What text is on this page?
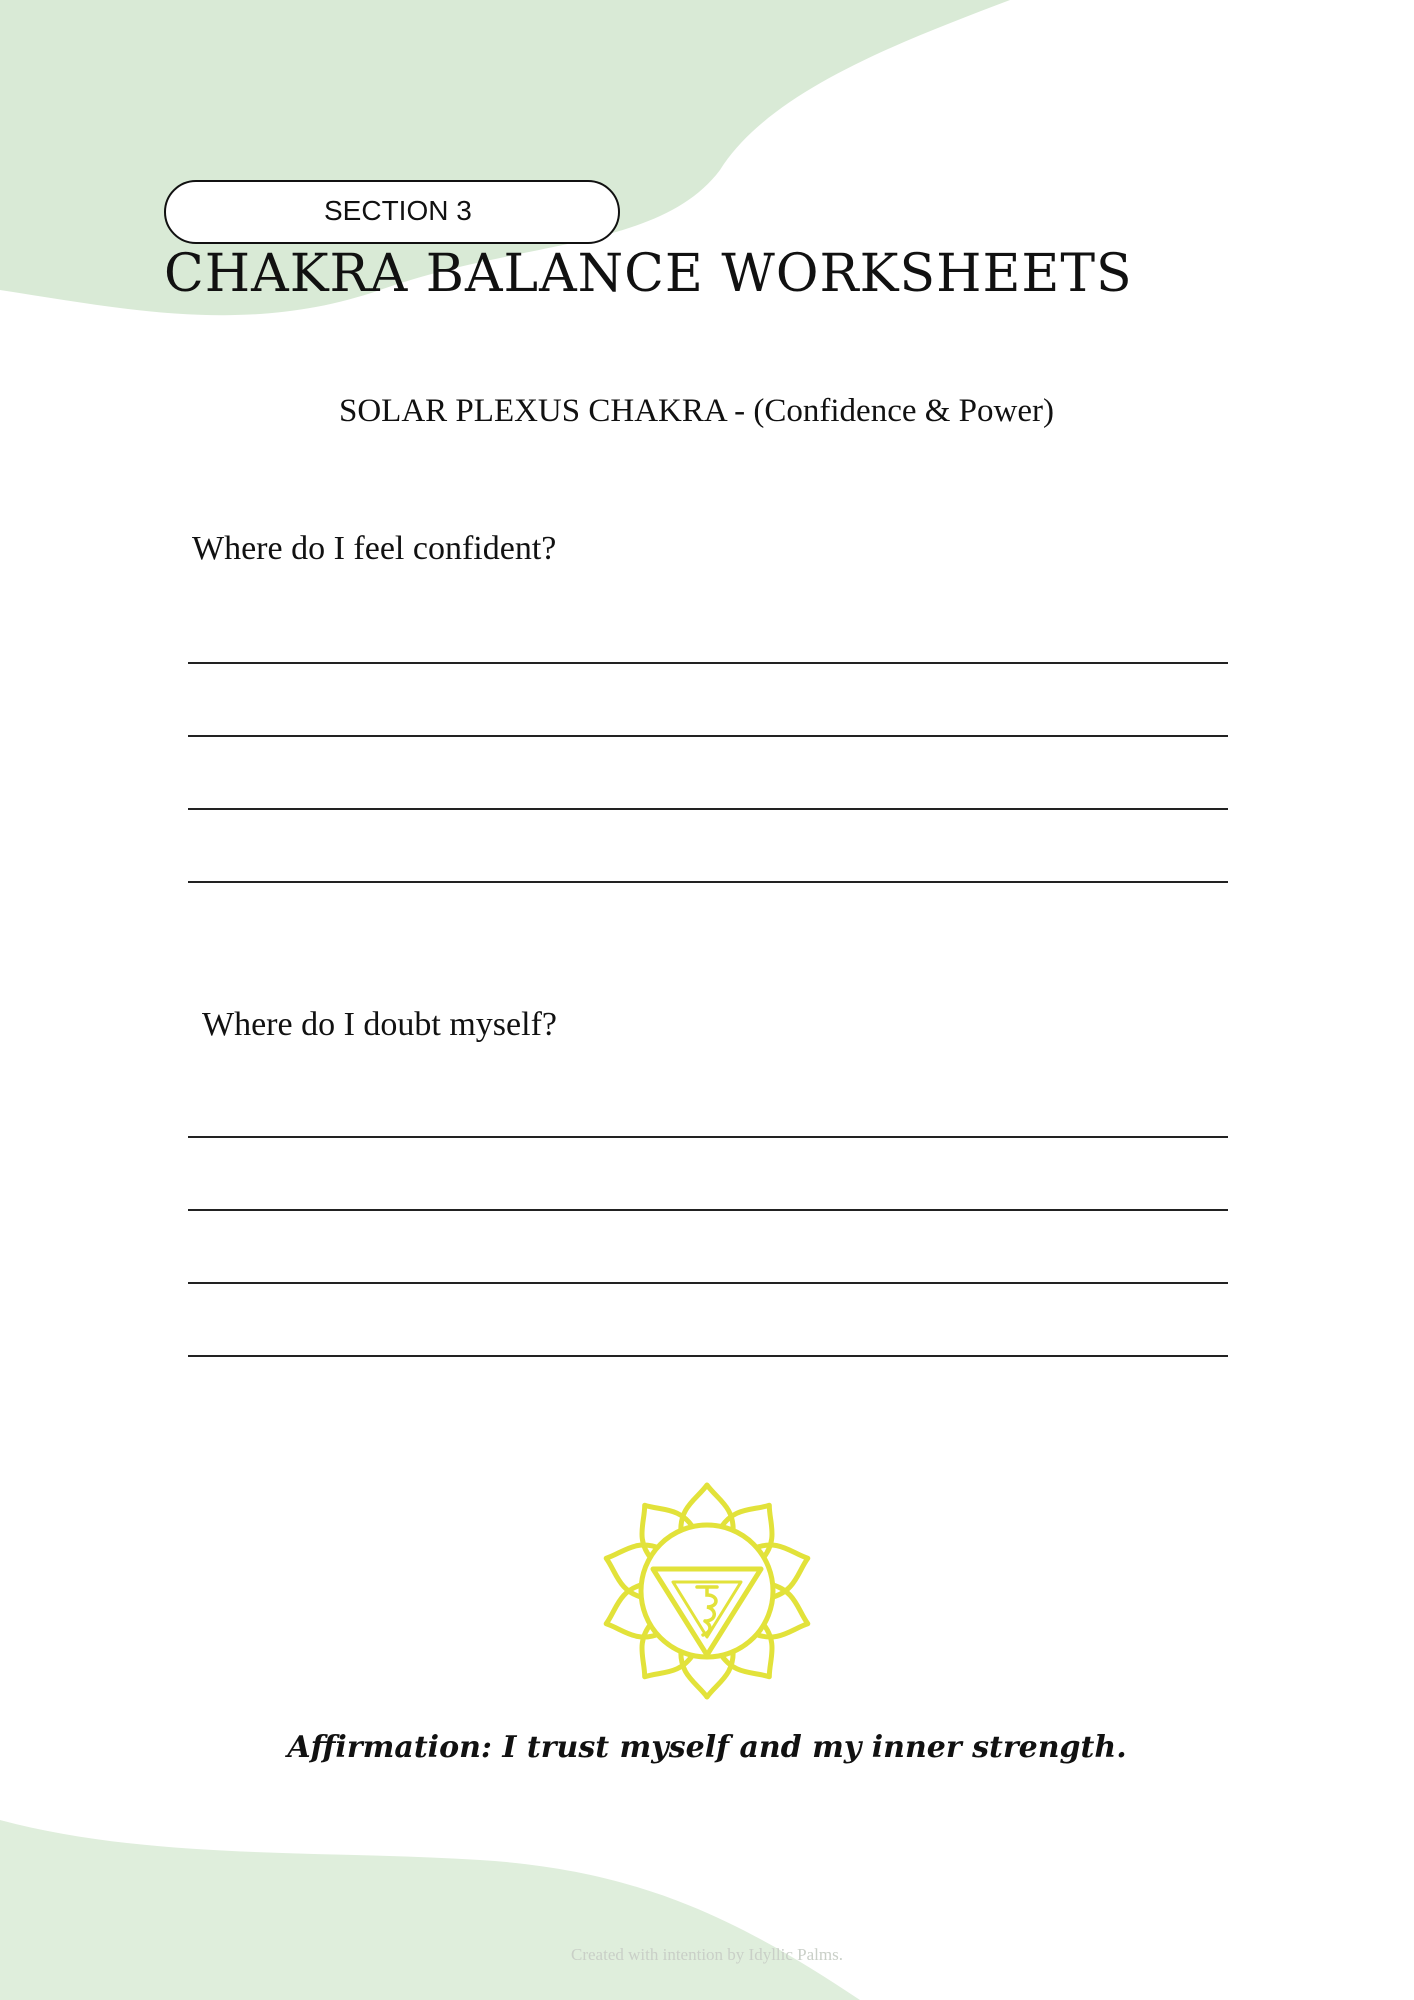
SECTION 3
CHAKRA BALANCE WORKSHEETS
SOLAR PLEXUS CHAKRA - (Confidence & Power)
Where do I feel confident?
Where do I doubt myself?
Affirmation: I trust myself and my inner strength.
Created with intention by Idyllic Palms.
